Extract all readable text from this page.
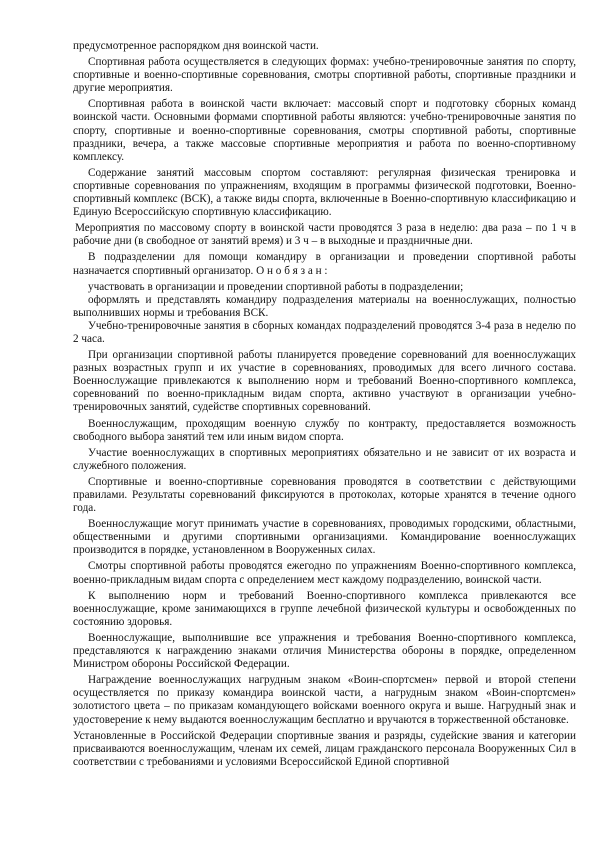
предусмотренное распорядком дня воинской части.

Спортивная работа осуществляется в следующих формах: учебно-тренировочные занятия по спорту, спортивные и военно-спортивные соревнования, смотры спортивной работы, спортивные праздники и другие мероприятия.

Спортивная работа в воинской части включает: массовый спорт и подготовку сборных команд воинской части. Основными формами спортивной работы являются: учебно-тренировочные занятия по спорту, спортивные и военно-спортивные соревнования, смотры спортивной работы, спортивные праздники, вечера, а также массовые спортивные мероприятия и работа по военно-спортивному комплексу.

Содержание занятий массовым спортом составляют: регулярная физическая тренировка и спортивные соревнования по упражнениям, входящим в программы физической подготовки, Военно-спортивный комплекс (ВСК), а также виды спорта, включенные в Военно-спортивную классификацию и Единую Всероссийскую спортивную классификацию.

Мероприятия по массовому спорту в воинской части проводятся 3 раза в неделю: два раза – по 1 ч в рабочие дни (в свободное от занятий время) и 3 ч – в выходные и праздничные дни.

В подразделении для помощи командиру в организации и проведении спортивной работы назначается спортивный организатор. О н о б я з а н :

участвовать в организации и проведении спортивной работы в подразделении;

оформлять и представлять командиру подразделения материалы на военнослужащих, полностью выполнивших нормы и требования ВСК.

Учебно-тренировочные занятия в сборных командах подразделений проводятся 3-4 раза в неделю по 2 часа.

При организации спортивной работы планируется проведение соревнований для военнослужащих разных возрастных групп и их участие в соревнованиях, проводимых для всего личного состава. Военнослужащие привлекаются к выполнению норм и требований Военно-спортивного комплекса, соревнований по военно-прикладным видам спорта, активно участвуют в организации учебно-тренировочных занятий, судействе спортивных соревнований.

Военнослужащим, проходящим военную службу по контракту, предоставляется возможность свободного выбора занятий тем или иным видом спорта.

Участие военнослужащих в спортивных мероприятиях обязательно и не зависит от их возраста и служебного положения.

Спортивные и военно-спортивные соревнования проводятся в соответствии с действующими правилами. Результаты соревнований фиксируются в протоколах, которые хранятся в течение одного года.

Военнослужащие могут принимать участие в соревнованиях, проводимых городскими, областными, общественными и другими спортивными организациями. Командирование военнослужащих производится в порядке, установленном в Вооруженных силах.

Смотры спортивной работы проводятся ежегодно по упражнениям Военно-спортивного комплекса, военно-прикладным видам спорта с определением мест каждому подразделению, воинской части.

К выполнению норм и требований Военно-спортивного комплекса привлекаются все военнослужащие, кроме занимающихся в группе лечебной физической культуры и освобожденных по состоянию здоровья.

Военнослужащие, выполнившие все упражнения и требования Военно-спортивного комплекса, представляются к награждению знаками отличия Министерства обороны в порядке, определенном Министром обороны Российской Федерации.

Награждение военнослужащих нагрудным знаком «Воин-спортсмен» первой и второй степени осуществляется по приказу командира воинской части, а нагрудным знаком «Воин-спортсмен» золотистого цвета – по приказам командующего войсками военного округа и выше. Нагрудный знак и удостоверение к нему выдаются военнослужащим бесплатно и вручаются в торжественной обстановке.

Установленные в Российской Федерации спортивные звания и разряды, судейские звания и категории присваиваются военнослужащим, членам их семей, лицам гражданского персонала Вооруженных Сил в соответствии с требованиями и условиями Всероссийской Единой спортивной
